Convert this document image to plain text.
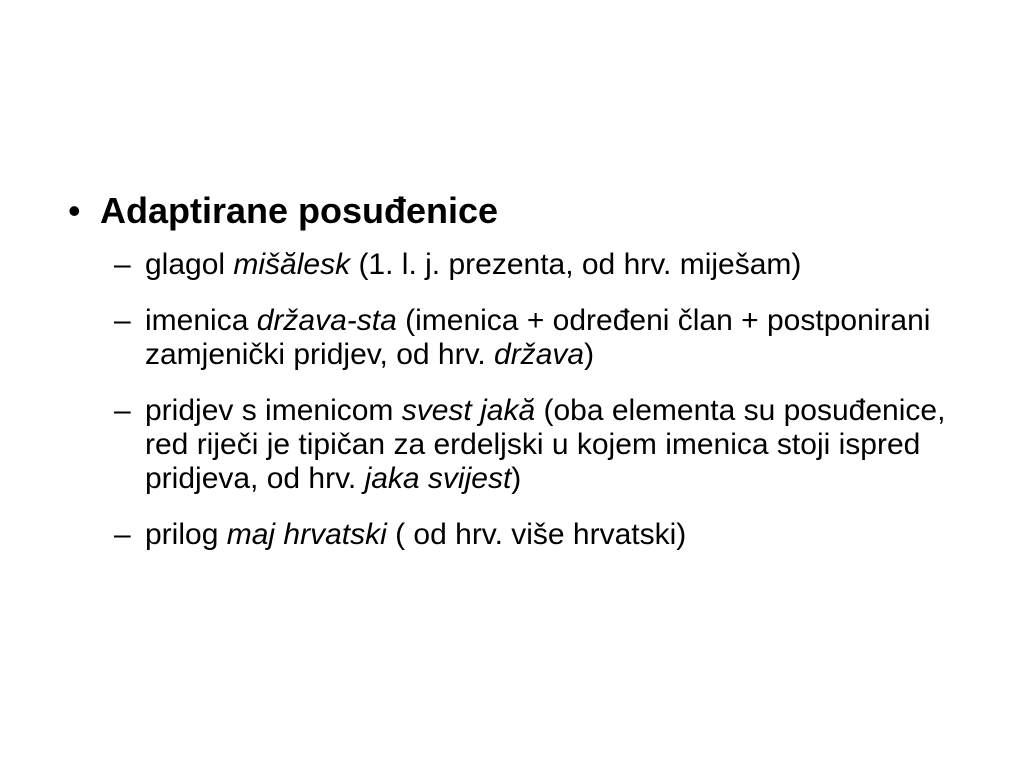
• Adaptirane posuđenice
– glagol mišălesk (1. l. j. prezenta, od hrv. miješam)
– imenica država-sta (imenica + određeni član + postponirani zamjenički pridjev, od hrv. država)
– pridjev s imenicom svest jakă (oba elementa su posuđenice, red riječi je tipičan za erdeljski u kojem imenica stoji ispred pridjeva, od hrv. jaka svijest)
– prilog maj hrvatski ( od hrv. više hrvatski)
